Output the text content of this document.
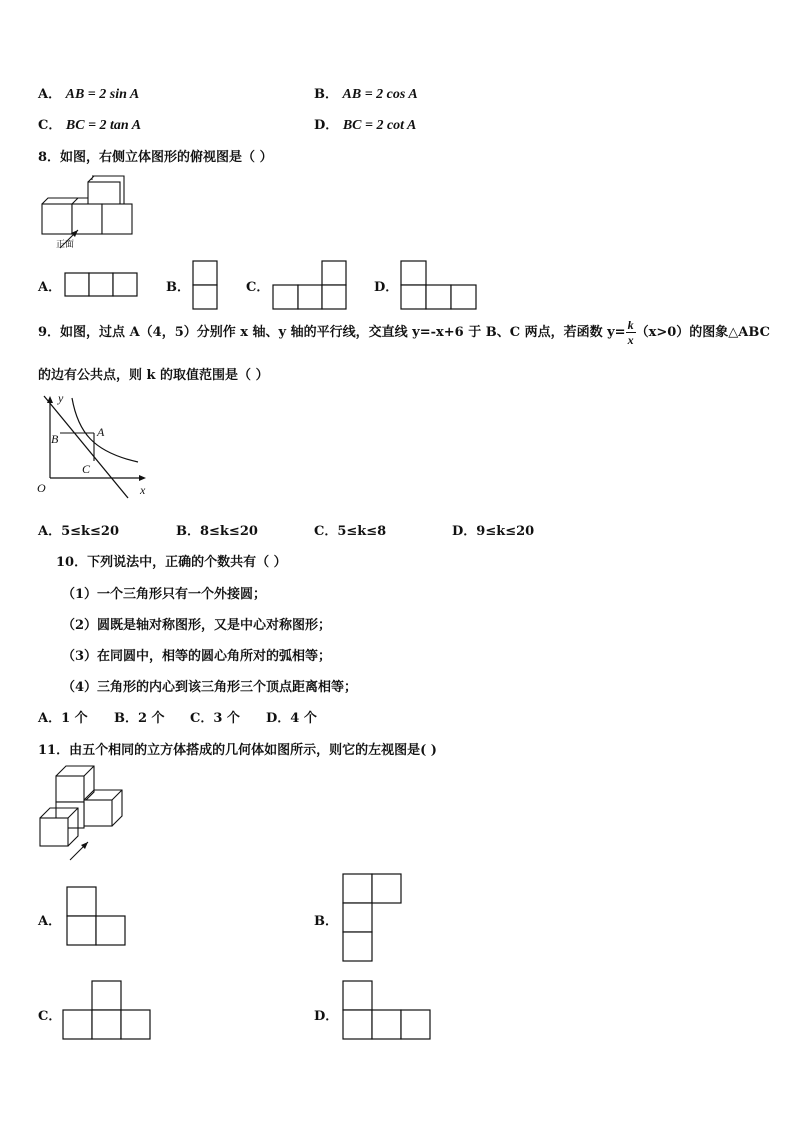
A． AB = 2 sin A	B． AB = 2 cos A
C． BC = 2 tan A	D． BC = 2 cot A
8．如图，右侧立体图形的俯视图是（ ）
正面
A．	B．	C．	D．
9．如图，过点 A（4，5）分别作 x 轴、y 轴的平行线，交直线 y=-x+6 于 B、C 两点，若函数 $y= \frac{k}{x} (x>0)$的图象△ABC
的边有公共点，则 k 的取值范围是（ ）
y
x
O
A
B
C
A．5≤k≤20	B．8≤k≤20	C．5≤k≤8	D．9≤k≤20
10．下列说法中，正确的个数共有（ ）
（1）一个三角形只有一个外接圆；
（2）圆既是轴对称图形，又是中心对称图形；
（3）在同圆中，相等的圆心角所对的弧相等；
（4）三角形的内心到该三角形三个顶点距离相等；
A．1 个 B．2 个 C．3 个 D．4 个
11．由五个相同的立方体搭成的几何体如图所示，则它的左视图是( )
A．	B．
C．	D．
